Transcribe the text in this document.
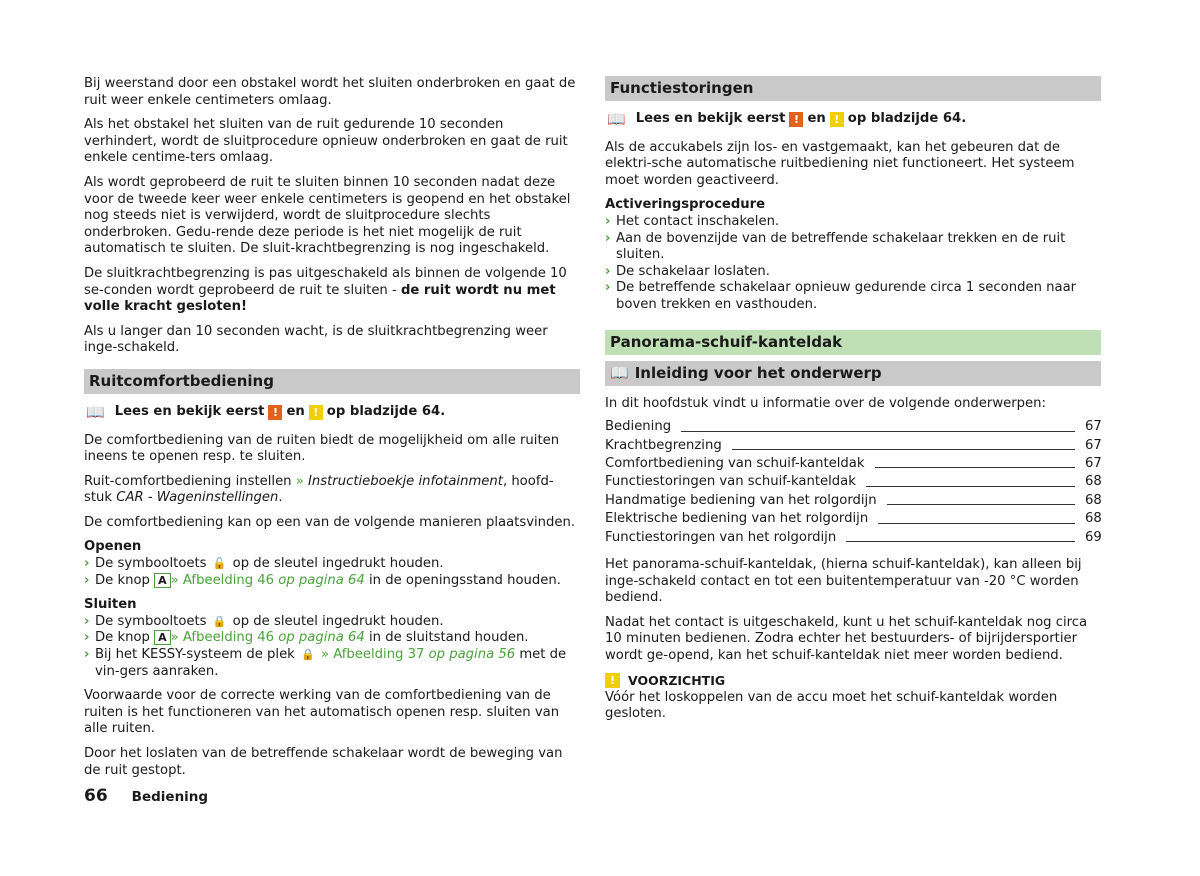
Bij weerstand door een obstakel wordt het sluiten onderbroken en gaat de ruit weer enkele centimeters omlaag.

Als het obstakel het sluiten van de ruit gedurende 10 seconden verhindert, wordt de sluitprocedure opnieuw onderbroken en gaat de ruit enkele centime-ters omlaag.

Als wordt geprobeerd de ruit te sluiten binnen 10 seconden nadat deze voor de tweede keer weer enkele centimeters is geopend en het obstakel nog steeds niet is verwijderd, wordt de sluitprocedure slechts onderbroken. Gedu-rende deze periode is het niet mogelijk de ruit automatisch te sluiten. De sluit-krachtbegrenzing is nog ingeschakeld.

De sluitkrachtbegrenzing is pas uitgeschakeld als binnen de volgende 10 se-conden wordt geprobeerd de ruit te sluiten - de ruit wordt nu met volle kracht gesloten!

Als u langer dan 10 seconden wacht, is de sluitkrachtbegrenzing weer inge-schakeld.

Ruitcomfortbediening
📖 Lees en bekijk eerst ! en ! op bladzijde 64.

De comfortbediening van de ruiten biedt de mogelijkheid om alle ruiten ineens te openen resp. te sluiten.

Ruit-comfortbediening instellen » Instructieboekje infotainment, hoofd-stuk CAR - Wageninstellingen.

De comfortbediening kan op een van de volgende manieren plaatsvinden.

Openen
› De symbooltoets 🔓 op de sleutel ingedrukt houden.
› De knop A » Afbeelding 46 op pagina 64 in de openingsstand houden.
Sluiten
› De symbooltoets 🔒 op de sleutel ingedrukt houden.
› De knop A » Afbeelding 46 op pagina 64 in de sluitstand houden.
› Bij het KESSY-systeem de plek 🔒 » Afbeelding 37 op pagina 56 met de vin-gers aanraken.

Voorwaarde voor de correcte werking van de comfortbediening van de ruiten is het functioneren van het automatisch openen resp. sluiten van alle ruiten.

Door het loslaten van de betreffende schakelaar wordt de beweging van de ruit gestopt.

Functiestoringen
📖 Lees en bekijk eerst ! en ! op bladzijde 64.

Als de accukabels zijn los- en vastgemaakt, kan het gebeuren dat de elektri-sche automatische ruitbediening niet functioneert. Het systeem moet worden geactiveerd.

Activeringsprocedure
› Het contact inschakelen.
› Aan de bovenzijde van de betreffende schakelaar trekken en de ruit sluiten.
› De schakelaar loslaten.
› De betreffende schakelaar opnieuw gedurende circa 1 seconden naar boven trekken en vasthouden.
Panorama-schuif-kanteldak
📖 Inleiding voor het onderwerp

In dit hoofdstuk vindt u informatie over de volgende onderwerpen:

Bediening	67
Krachtbegrenzing	67
Comfortbediening van schuif-kanteldak	67
Functiestoringen van schuif-kanteldak	68
Handmatige bediening van het rolgordijn	68
Elektrische bediening van het rolgordijn	68
Functiestoringen van het rolgordijn	69

Het panorama-schuif-kanteldak, (hierna schuif-kanteldak), kan alleen bij inge-schakeld contact en tot een buitentemperatuur van -20 °C worden bediend.

Nadat het contact is uitgeschakeld, kunt u het schuif-kanteldak nog circa 10 minuten bedienen. Zodra echter het bestuurders- of bijrijdersportier wordt ge-opend, kan het schuif-kanteldak niet meer worden bediend.

!	VOORZICHTIG

Vóór het loskoppelen van de accu moet het schuif-kanteldak worden gesloten.

66 Bediening
